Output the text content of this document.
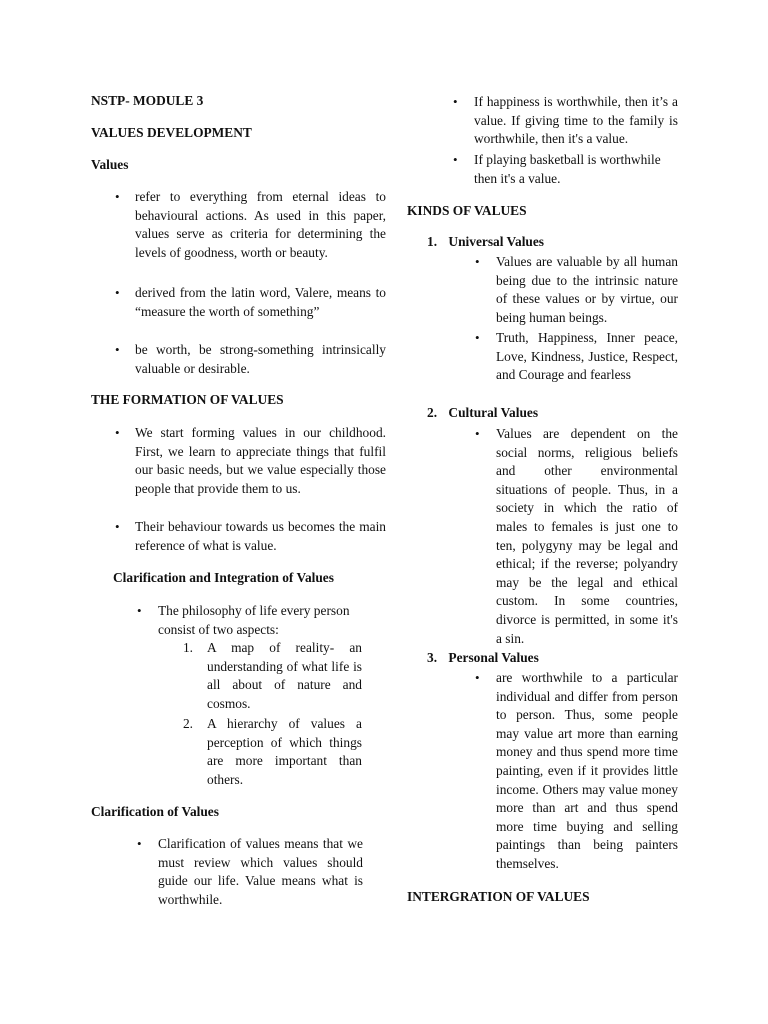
NSTP- MODULE 3
VALUES DEVELOPMENT
Values
•
refer to everything from eternal ideas to behavioural actions. As used in this paper, values serve as criteria for determining the levels of goodness, worth or beauty.
•
derived from the latin word, Valere, means to “measure the worth of something”
•
be worth, be strong-something intrinsically valuable or desirable.
THE FORMATION OF VALUES
•
We start forming values in our childhood. First, we learn to appreciate things that fulfil our basic needs, but we value especially those people that provide them to us.
•
Their behaviour towards us becomes the main reference of what is value.
Clarification and Integration of Values
•
The philosophy of life every person consist of two aspects:
1. A map of reality- an understanding of what life is all about of nature and cosmos.
2. A hierarchy of values a perception of which things are more important than others.
Clarification of Values
•
Clarification of values means that we must review which values should guide our life. Value means what is worthwhile.
•
If happiness is worthwhile, then it’s a value. If giving time to the family is worthwhile, then it's a value.
•
If playing basketball is worthwhile then it's a value.
KINDS OF VALUES
1. Universal Values
•
Values are valuable by all human being due to the intrinsic nature of these values or by virtue, our being human beings.
•
Truth, Happiness, Inner peace, Love, Kindness, Justice, Respect, and Courage and fearless
2. Cultural Values
•
Values are dependent on the social norms, religious beliefs and other environmental situations of people. Thus, in a society in which the ratio of males to females is just one to ten, polygyny may be legal and ethical; if the reverse; polyandry may be the legal and ethical custom. In some countries, divorce is permitted, in some it's a sin.
3. Personal Values
•
are worthwhile to a particular individual and differ from person to person. Thus, some people may value art more than earning money and thus spend more time painting, even if it provides little income. Others may value money more than art and thus spend more time buying and selling paintings than being painters themselves.
INTERGRATION OF VALUES
